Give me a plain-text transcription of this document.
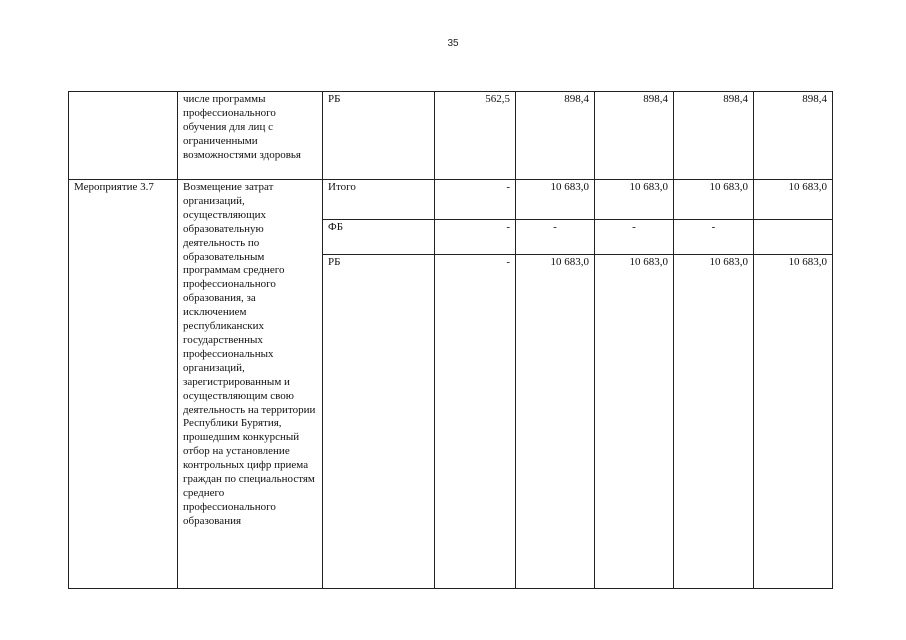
35
	числе программы профессионального обучения для лиц с ограниченными возможностями здоровья	РБ	562,5	898,4	898,4	898,4	898,4
Мероприятие 3.7	Возмещение затрат организаций, осуществляющих образовательную деятельность по образовательным программам среднего профессионального образования, за исключением республиканских государственных профессиональных организаций, зарегистрированным и осуществляющим свою деятельность на территории Республики Бурятия, прошедшим конкурсный отбор на установление контрольных цифр приема граждан по специальностям среднего профессионального образования	Итого	-	10 683,0	10 683,0	10 683,0	10 683,0
		ФБ	-	-	-	-	
		РБ	-	10 683,0	10 683,0	10 683,0	10 683,0
